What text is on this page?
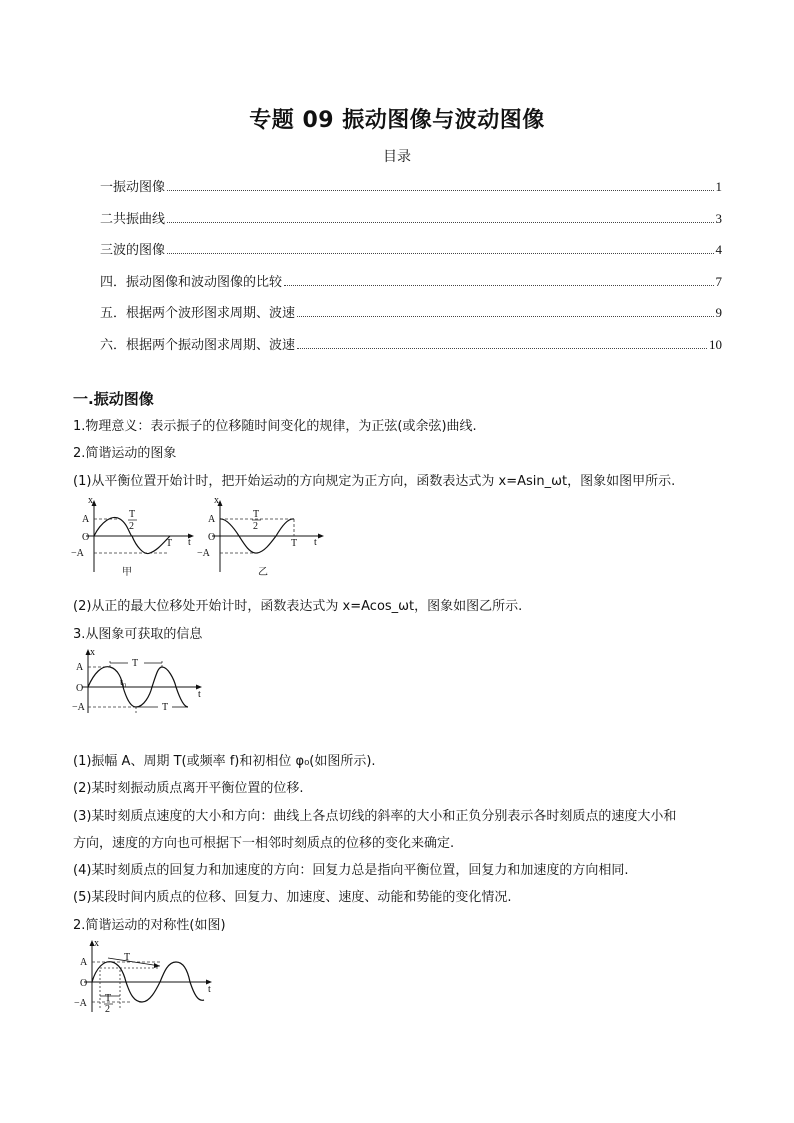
专题 09 振动图像与波动图像
目录
一振动图像	1
二共振曲线	3
三波的图像	4
四．振动图像和波动图像的比较	7
五．根据两个波形图求周期、波速	9
六．根据两个振动图求周期、波速	10
一.振动图像
1.物理意义：表示振子的位移随时间变化的规律，为正弦(或余弦)曲线.
2.简谐运动的图象
(1)从平衡位置开始计时，把开始运动的方向规定为正方向，函数表达式为 x=Asin_ωt，图象如图甲所示.
x
A
O
−A
T
2
T t
甲
x
A
O
−A
T
2
T t
乙
(2)从正的最大位移处开始计时，函数表达式为 x=Acos_ωt，图象如图乙所示.
3.从图象可获取的信息
x
A
O
−A
T
t₀
T
t
(1)振幅 A、周期 T(或频率 f)和初相位 φ₀(如图所示).
(2)某时刻振动质点离开平衡位置的位移.
(3)某时刻质点速度的大小和方向：曲线上各点切线的斜率的大小和正负分别表示各时刻质点的速度大小和
方向，速度的方向也可根据下一相邻时刻质点的位移的变化来确定.
(4)某时刻质点的回复力和加速度的方向：回复力总是指向平衡位置，回复力和加速度的方向相同.
(5)某段时间内质点的位移、回复力、加速度、速度、动能和势能的变化情况.
2.简谐运动的对称性(如图)
x
A
O
−A
T
T
2
t
